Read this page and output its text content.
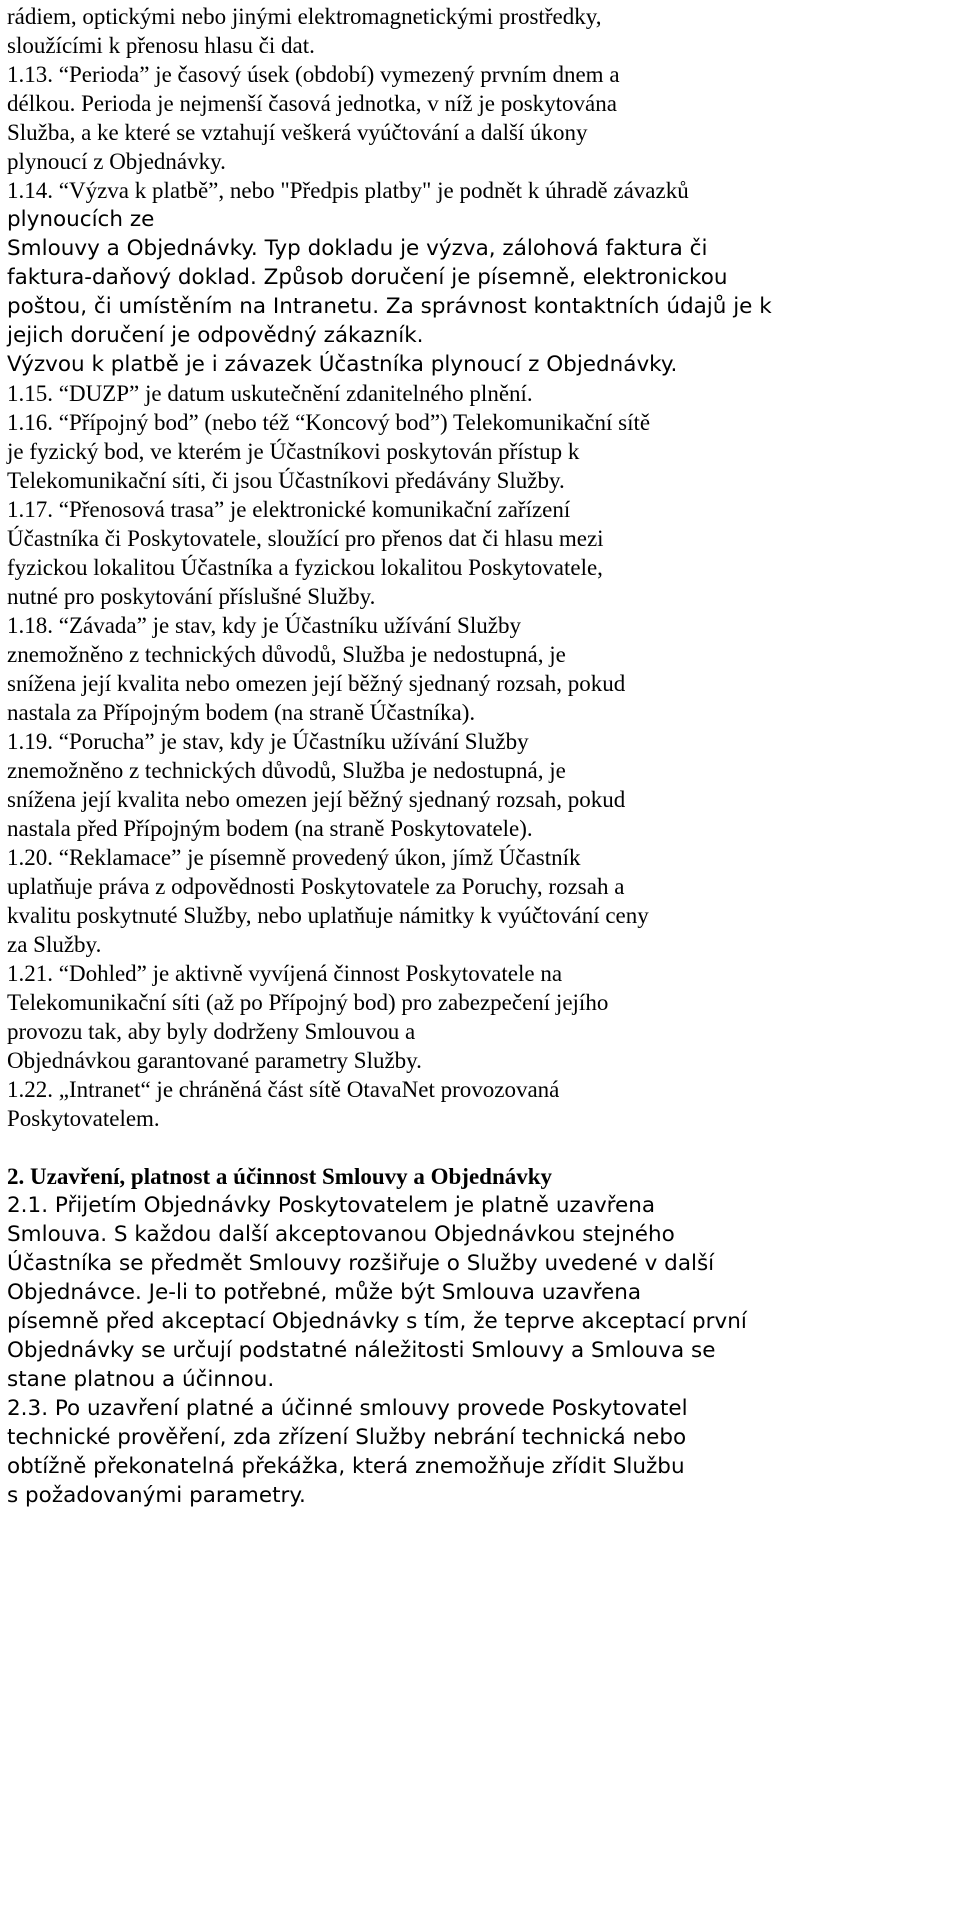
rádiem, optickými nebo jinými elektromagnetickými prostředky,
sloužícími k přenosu hlasu či dat.
1.13. “Perioda” je časový úsek (období) vymezený prvním dnem a
délkou. Perioda je nejmenší časová jednotka, v níž je poskytována
Služba, a ke které se vztahují veškerá vyúčtování a další úkony
plynoucí z Objednávky.
1.14. “Výzva k platbě”, nebo "Předpis platby" je podnět k úhradě závazků
plynoucích ze
Smlouvy a Objednávky. Typ dokladu je výzva, zálohová faktura či
faktura-daňový doklad. Způsob doručení je písemně, elektronickou
poštou, či umístěním na Intranetu. Za správnost kontaktních údajů je k
jejich doručení je odpovědný zákazník.
Výzvou k platbě je i závazek Účastníka plynoucí z Objednávky.
1.15. “DUZP” je datum uskutečnění zdanitelného plnění.
1.16. “Přípojný bod” (nebo též “Koncový bod”) Telekomunikační sítě
je fyzický bod, ve kterém je Účastníkovi poskytován přístup k
Telekomunikační síti, či jsou Účastníkovi předávány Služby.
1.17. “Přenosová trasa” je elektronické komunikační zařízení
Účastníka či Poskytovatele, sloužící pro přenos dat či hlasu mezi
fyzickou lokalitou Účastníka a fyzickou lokalitou Poskytovatele,
nutné pro poskytování příslušné Služby.
1.18. “Závada” je stav, kdy je Účastníku užívání Služby
znemožněno z technických důvodů, Služba je nedostupná, je
snížena její kvalita nebo omezen její běžný sjednaný rozsah, pokud
nastala za Přípojným bodem (na straně Účastníka).
1.19. “Porucha” je stav, kdy je Účastníku užívání Služby
znemožněno z technických důvodů, Služba je nedostupná, je
snížena její kvalita nebo omezen její běžný sjednaný rozsah, pokud
nastala před Přípojným bodem (na straně Poskytovatele).
1.20. “Reklamace” je písemně provedený úkon, jímž Účastník
uplatňuje práva z odpovědnosti Poskytovatele za Poruchy, rozsah a
kvalitu poskytnuté Služby, nebo uplatňuje námitky k vyúčtování ceny
za Služby.
1.21. “Dohled” je aktivně vyvíjená činnost Poskytovatele na
Telekomunikační síti (až po Přípojný bod) pro zabezpečení jejího
provozu tak, aby byly dodrženy Smlouvou a
Objednávkou garantované parametry Služby.
1.22. „Intranet“ je chráněná část sítě OtavaNet provozovaná
Poskytovatelem.
2. Uzavření, platnost a účinnost Smlouvy a Objednávky
2.1. Přijetím Objednávky Poskytovatelem je platně uzavřena
Smlouva. S každou další akceptovanou Objednávkou stejného
Účastníka se předmět Smlouvy rozšiřuje o Služby uvedené v další
Objednávce. Je-li to potřebné, může být Smlouva uzavřena
písemně před akceptací Objednávky s tím, že teprve akceptací první
Objednávky se určují podstatné náležitosti Smlouvy a Smlouva se
stane platnou a účinnou.
2.3. Po uzavření platné a účinné smlouvy provede Poskytovatel
technické prověření, zda zřízení Služby nebrání technická nebo
obtížně překonatelná překážka, která znemožňuje zřídit Službu
s požadovanými parametry.
